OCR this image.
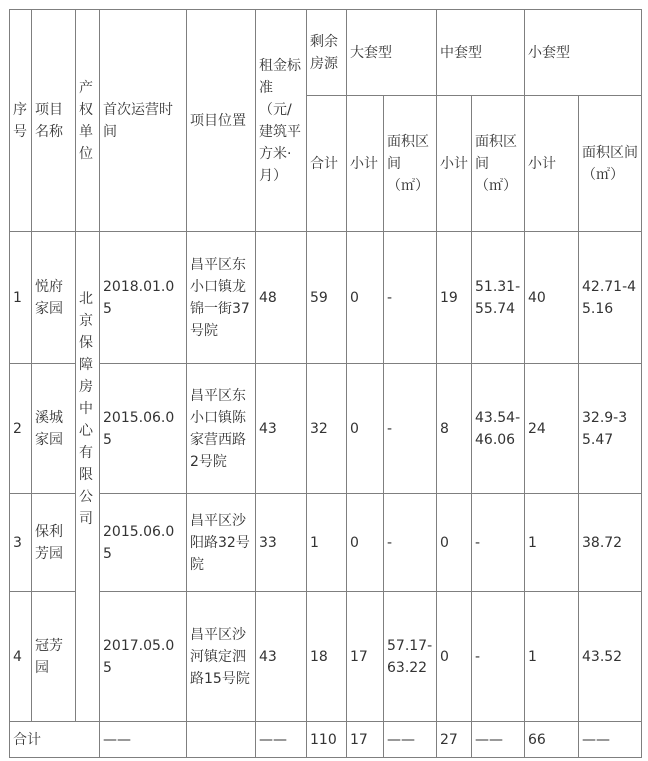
序号	项目名称	产权单位	首次运营时间	项目位置	租金标准（元/建筑平方米·月）	剩余房源	大套型		中套型		小套型	
						合计	小计	面积区间（㎡）	小计	面积区间（㎡）	小计	面积区间（㎡）
1	悦府家园	北京保障房中心有限公司	2018.01.05	昌平区东小口镇龙锦一街37号院	48	59	0	-	19	51.31-55.74	40	42.71-45.16
2	溪城家园		2015.06.05	昌平区东小口镇陈家营西路2号院	43	32	0	-	8	43.54-46.06	24	32.9-35.47
3	保利芳园		2015.06.05	昌平区沙阳路32号院	33	1	0	-	0	-	1	38.72
4	冠芳园		2017.05.05	昌平区沙河镇定泗路15号院	43	18	17	57.17-63.22	0	-	1	43.52
合计			——		——	110	17	——	27	——	66	——
